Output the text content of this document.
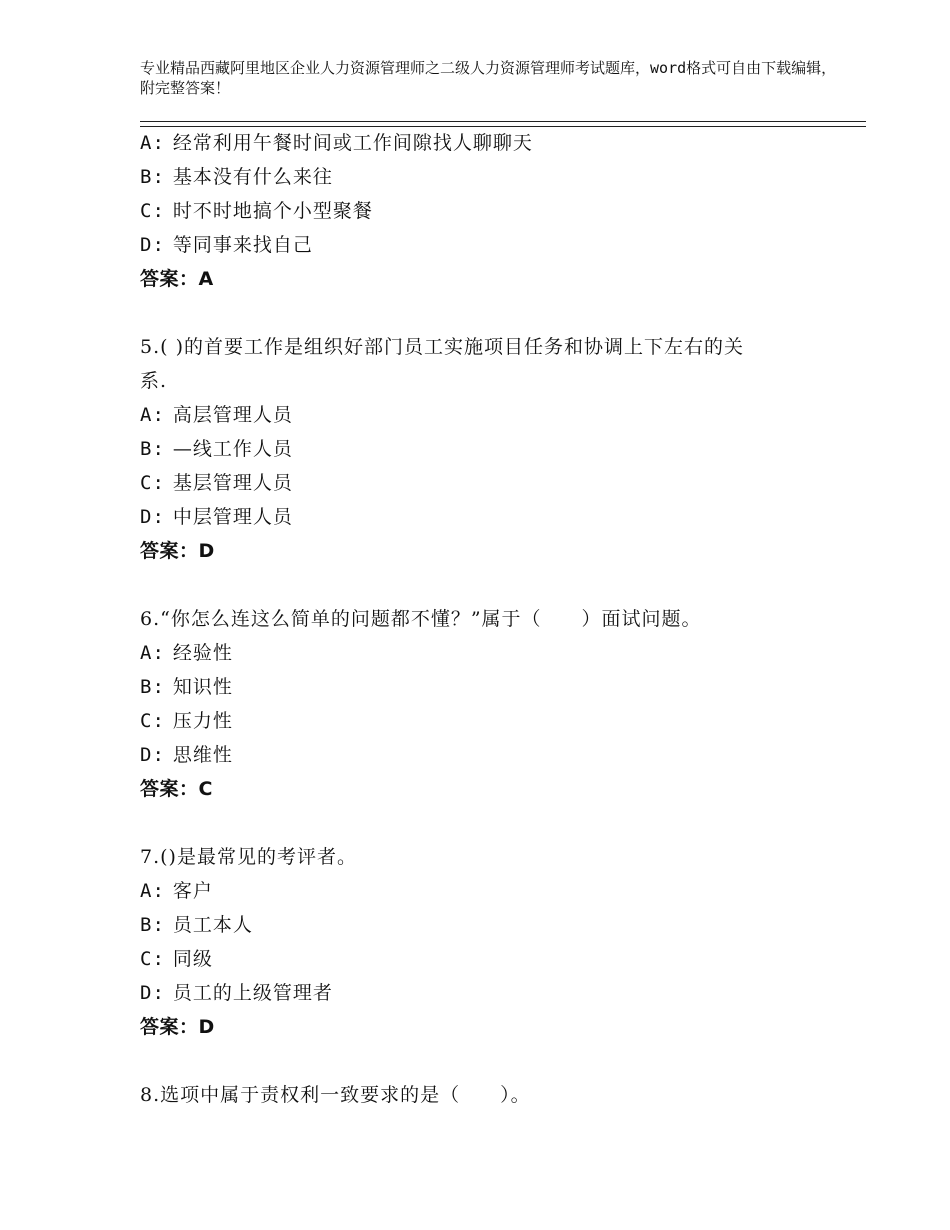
专业精品西藏阿里地区企业人力资源管理师之二级人力资源管理师考试题库，word格式可自由下载编辑，附完整答案！
A: 经常利用午餐时间或工作间隙找人聊聊天
B: 基本没有什么来往
C: 时不时地搞个小型聚餐
D: 等同事来找自己
答案：A
5.( )的首要工作是组织好部门员工实施项目任务和协调上下左右的关
系.
A: 高层管理人员
B: —线工作人员
C: 基层管理人员
D: 中层管理人员
答案：D
6.“你怎么连这么简单的问题都不懂？”属于（　　）面试问题。
A: 经验性
B: 知识性
C: 压力性
D: 思维性
答案：C
7.()是最常见的考评者。
A: 客户
B: 员工本人
C: 同级
D: 员工的上级管理者
答案：D
8.选项中属于责权利一致要求的是（　　）。
